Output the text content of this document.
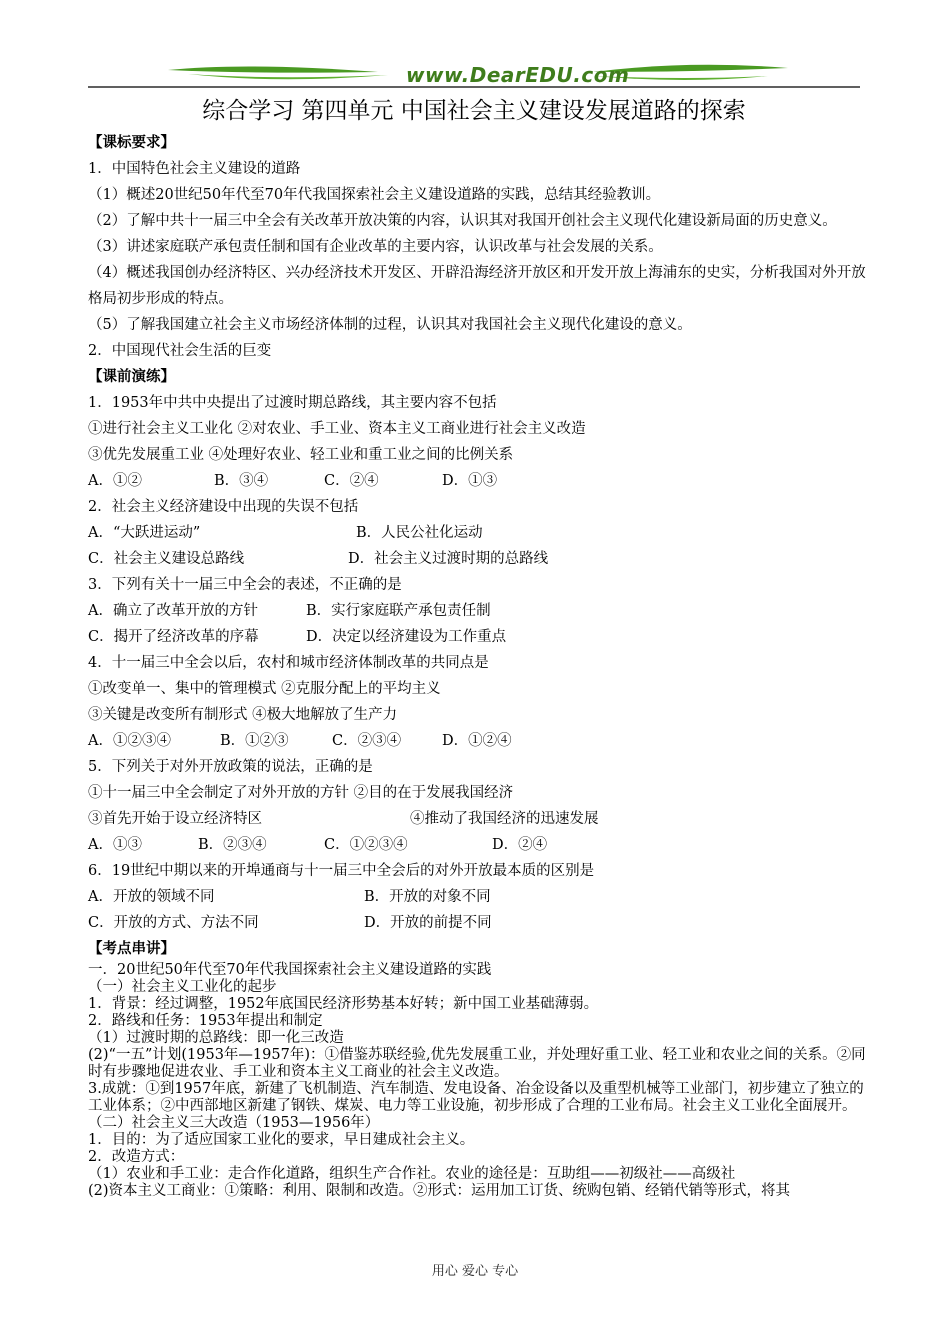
www.DearEDU.com
综合学习 第四单元 中国社会主义建设发展道路的探索
【课标要求】
1．中国特色社会主义建设的道路
（1）概述20世纪50年代至70年代我国探索社会主义建设道路的实践，总结其经验教训。
（2）了解中共十一届三中全会有关改革开放决策的内容，认识其对我国开创社会主义现代化建设新局面的历史意义。
（3）讲述家庭联产承包责任制和国有企业改革的主要内容，认识改革与社会发展的关系。
（4）概述我国创办经济特区、兴办经济技术开发区、开辟沿海经济开放区和开发开放上海浦东的史实，分析我国对外开放格局初步形成的特点。
（5）了解我国建立社会主义市场经济体制的过程，认识其对我国社会主义现代化建设的意义。
2．中国现代社会生活的巨变
【课前演练】
1．1953年中共中央提出了过渡时期总路线，其主要内容不包括
①进行社会主义工业化 ②对农业、手工业、资本主义工商业进行社会主义改造
③优先发展重工业 ④处理好农业、轻工业和重工业之间的比例关系
A．①②	B．③④	C．②④	D．①③
2．社会主义经济建设中出现的失误不包括
A．“大跃进运动”	B．人民公社化运动
C．社会主义建设总路线	D．社会主义过渡时期的总路线
3．下列有关十一届三中全会的表述，不正确的是
A．确立了改革开放的方针	B．实行家庭联产承包责任制
C．揭开了经济改革的序幕	D．决定以经济建设为工作重点
4．十一届三中全会以后，农村和城市经济体制改革的共同点是
①改变单一、集中的管理模式 ②克服分配上的平均主义
③关键是改变所有制形式 ④极大地解放了生产力
A．①②③④	B．①②③	C．②③④	D．①②④
5．下列关于对外开放政策的说法，正确的是
①十一届三中全会制定了对外开放的方针 ②目的在于发展我国经济
③首先开始于设立经济特区	④推动了我国经济的迅速发展
A．①③	B．②③④	C．①②③④	D．②④
6．19世纪中期以来的开埠通商与十一届三中全会后的对外开放最本质的区别是
A．开放的领域不同	B．开放的对象不同
C．开放的方式、方法不同	D．开放的前提不同
【考点串讲】
一．20世纪50年代至70年代我国探索社会主义建设道路的实践
（一）社会主义工业化的起步
1．背景：经过调整，1952年底国民经济形势基本好转；新中国工业基础薄弱。
2．路线和任务：1953年提出和制定
（1）过渡时期的总路线：即一化三改造
(2)“一五”计划(1953年—1957年)：①借鉴苏联经验,优先发展重工业，并处理好重工业、轻工业和农业之间的关系。②同时有步骤地促进农业、手工业和资本主义工商业的社会主义改造。
3.成就：①到1957年底，新建了飞机制造、汽车制造、发电设备、冶金设备以及重型机械等工业部门，初步建立了独立的工业体系；②中西部地区新建了钢铁、煤炭、电力等工业设施，初步形成了合理的工业布局。社会主义工业化全面展开。
（二）社会主义三大改造（1953—1956年）
1．目的：为了适应国家工业化的要求，早日建成社会主义。
2．改造方式：
（1）农业和手工业：走合作化道路，组织生产合作社。农业的途径是：互助组——初级社——高级社
(2)资本主义工商业：①策略：利用、限制和改造。②形式：运用加工订货、统购包销、经销代销等形式，将其
用心 爱心 专心
